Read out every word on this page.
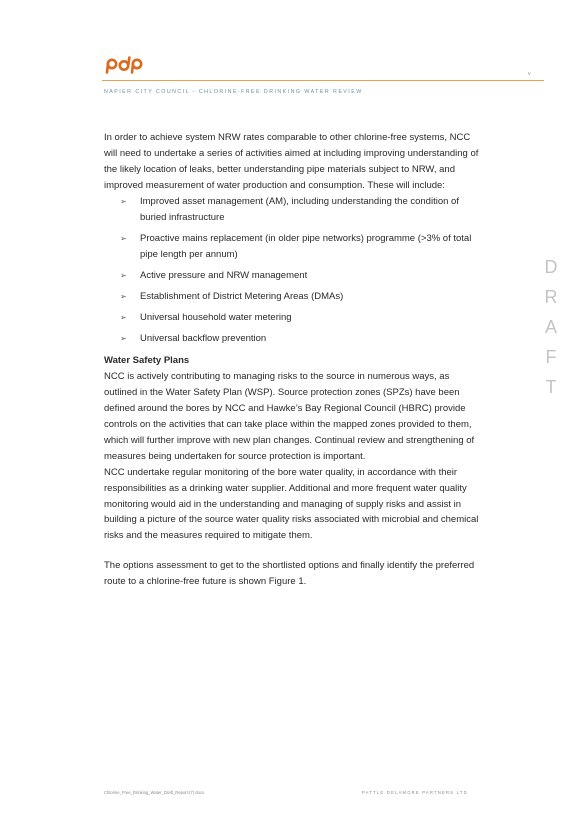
v
NAPIER CITY COUNCIL - CHLORINE-FREE DRINKING WATER REVIEW
D
R
A
F
T

In order to achieve system NRW rates comparable to other chlorine-free systems, NCC will need to undertake a series of activities aimed at including improving understanding of the likely location of leaks, better understanding pipe materials subject to NRW, and improved measurement of water production and consumption. These will include:

➢ Improved asset management (AM), including understanding the condition of buried infrastructure
➢ Proactive mains replacement (in older pipe networks) programme (>3% of total pipe length per annum)
➢ Active pressure and NRW management
➢ Establishment of District Metering Areas (DMAs)
➢ Universal household water metering
➢ Universal backflow prevention

Water Safety Plans

NCC is actively contributing to managing risks to the source in numerous ways, as outlined in the Water Safety Plan (WSP). Source protection zones (SPZs) have been defined around the bores by NCC and Hawke’s Bay Regional Council (HBRC) provide controls on the activities that can take place within the mapped zones provided to them, which will further improve with new plan changes. Continual review and strengthening of measures being undertaken for source protection is important.

NCC undertake regular monitoring of the bore water quality, in accordance with their responsibilities as a drinking water supplier. Additional and more frequent water quality monitoring would aid in the understanding and managing of supply risks and assist in building a picture of the source water quality risks associated with microbial and chemical risks and the measures required to mitigate them.

The options assessment to get to the shortlisted options and finally identify the preferred route to a chlorine-free future is shown Figure 1.

Chlorine_Free_Drinking_Water_Draft_Report (7).docx	PATTLE DELAMORE PARTNERS LTD
